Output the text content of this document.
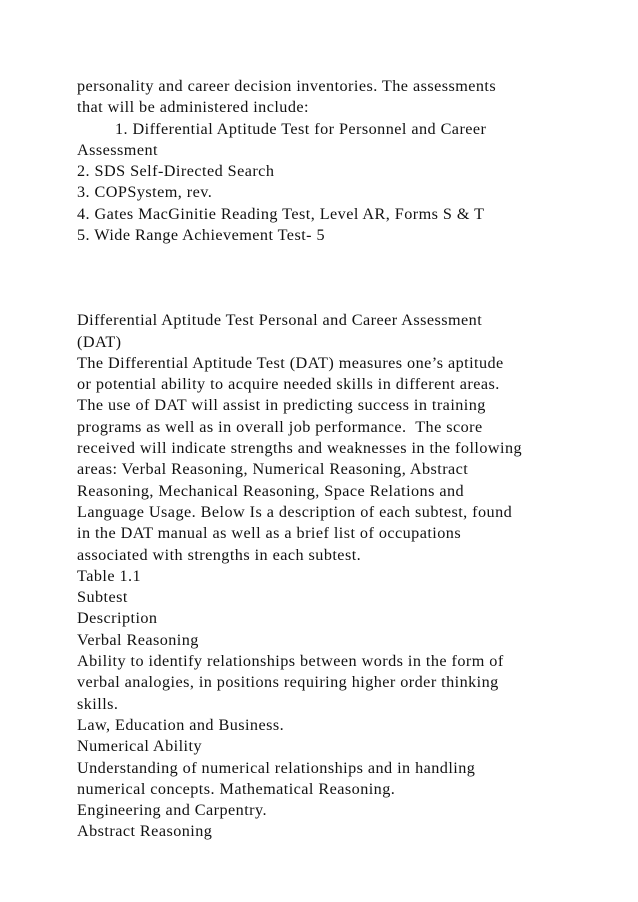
personality and career decision inventories. The assessments
that will be administered include:
1. Differential Aptitude Test for Personnel and Career
Assessment
2. SDS Self-Directed Search
3. COPSystem, rev.
4. Gates MacGinitie Reading Test, Level AR, Forms S & T
5. Wide Range Achievement Test- 5
Differential Aptitude Test Personal and Career Assessment
(DAT)
The Differential Aptitude Test (DAT) measures one’s aptitude
or potential ability to acquire needed skills in different areas.
The use of DAT will assist in predicting success in training
programs as well as in overall job performance.  The score
received will indicate strengths and weaknesses in the following
areas: Verbal Reasoning, Numerical Reasoning, Abstract
Reasoning, Mechanical Reasoning, Space Relations and
Language Usage. Below Is a description of each subtest, found
in the DAT manual as well as a brief list of occupations
associated with strengths in each subtest.
Table 1.1
Subtest
Description
Verbal Reasoning
Ability to identify relationships between words in the form of
verbal analogies, in positions requiring higher order thinking
skills.
Law, Education and Business.
Numerical Ability
Understanding of numerical relationships and in handling
numerical concepts. Mathematical Reasoning.
Engineering and Carpentry.
Abstract Reasoning
